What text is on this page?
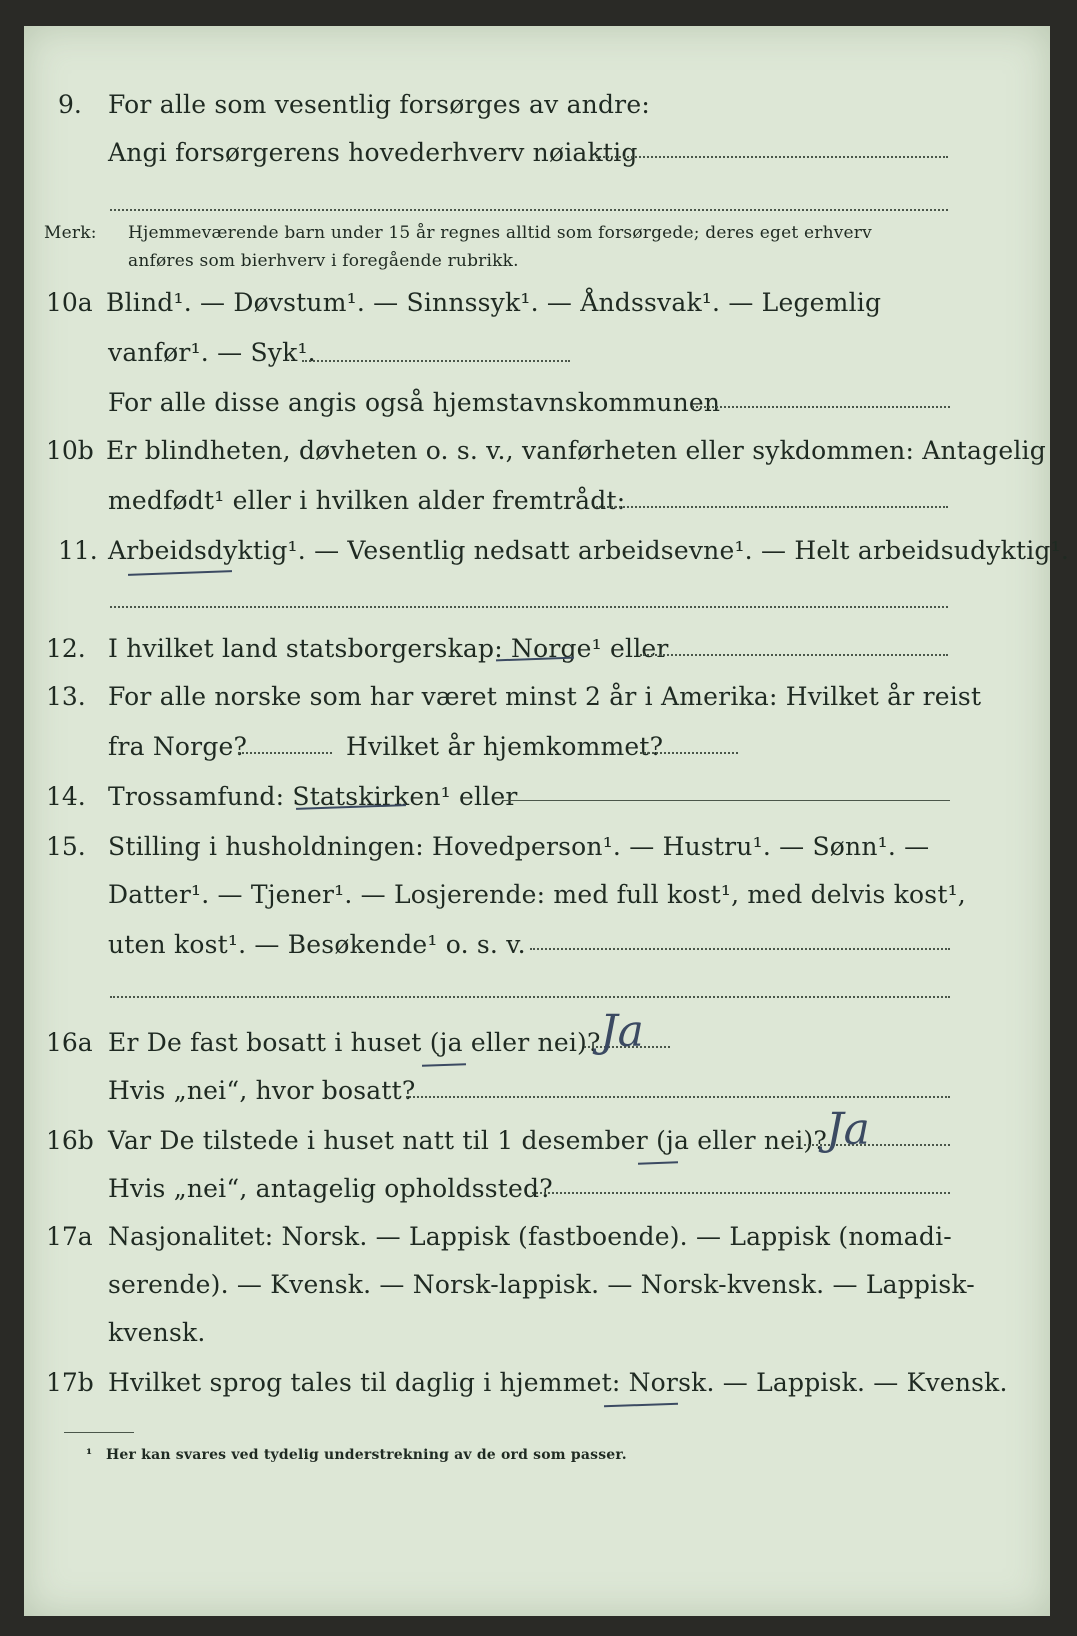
9. For alle som vesentlig forsørges av andre:
Angi forsørgerens hovederhverv nøiaktig
Merk: Hjemmeværende barn under 15 år regnes alltid som forsørgede; deres eget erhverv
anføres som bierhverv i foregående rubrikk.
10a Blind¹. — Døvstum¹. — Sinnssyk¹. — Åndssvak¹. — Legemlig
vanfør¹. — Syk¹.
For alle disse angis også hjemstavnskommunen
10b Er blindheten, døvheten o. s. v., vanførheten eller sykdommen: Antagelig
medfødt¹ eller i hvilken alder fremtrådt:
11. Arbeidsdyktig¹. — Vesentlig nedsatt arbeidsevne¹. — Helt arbeidsudyktig¹.
12. I hvilket land statsborgerskap: Norge¹ eller
13. For alle norske som har været minst 2 år i Amerika: Hvilket år reist
fra Norge?	Hvilket år hjemkommet?
14. Trossamfund: Statskirken¹ eller
15. Stilling i husholdningen: Hovedperson¹. — Hustru¹. — Sønn¹. —
Datter¹. — Tjener¹. — Losjerende: med full kost¹, med delvis kost¹,
uten kost¹. — Besøkende¹ o. s. v.
16a Er De fast bosatt i huset (ja eller nei)? Ja
Hvis „nei“, hvor bosatt?
16b Var De tilstede i huset natt til 1 desember (ja eller nei)? Ja
Hvis „nei“, antagelig opholdssted?
17a Nasjonalitet: Norsk. — Lappisk (fastboende). — Lappisk (nomadi-
serende). — Kvensk. — Norsk-lappisk. — Norsk-kvensk. — Lappisk-
kvensk.
17b Hvilket sprog tales til daglig i hjemmet: Norsk. — Lappisk. — Kvensk.
¹ Her kan svares ved tydelig understrekning av de ord som passer.
